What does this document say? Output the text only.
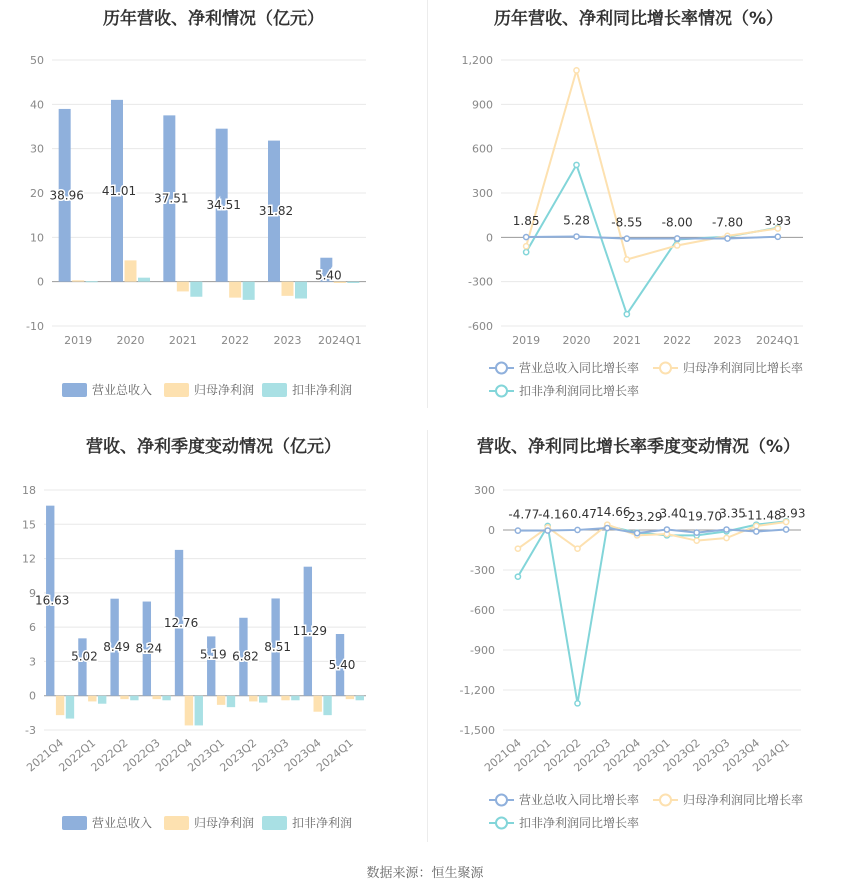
历年营收、净利情况（亿元）
-10
0
10
20
30
40
50
2019 2020 2021 2022 2023 2024Q1
38.96 41.01
37.51 34.51 31.82
5.40
营业总收入	归母净利润	扣非净利润
历年营收、净利同比增长率情况（%）
-600
-300
0
300
600
900
1,200
2019 2020 2021 2022 2023 2024Q1
1.85 5.28 -8.55 -8.00 -7.80 3.93
营业总收入同比增长率	归母净利润同比增长率
扣非净利润同比增长率
营收、净利季度变动情况（亿元）
-3
0
3
6
9
12
15
18
2021Q4
2022Q1
2022Q2
2022Q3
2022Q4
2023Q1
2023Q2
2023Q3
2023Q4
2024Q1
16.63
5.02
8.49 8.24
12.76
5.19 6.82
8.51
11.29
5.40
营业总收入	归母净利润	扣非净利润
营收、净利同比增长率季度变动情况（%）
-1,500
-1,200
-900
-600
-300
0
300
2021Q4
2022Q1
2022Q2
2022Q3
2022Q4
2023Q1
2023Q2
2023Q3
2023Q4
2024Q1
-4.77
-4.16 0.47 14.66
-23.29
3.40
-19.70
3.35
-11.48
3.93
营业总收入同比增长率	归母净利润同比增长率
扣非净利润同比增长率
数据来源：恒生聚源
